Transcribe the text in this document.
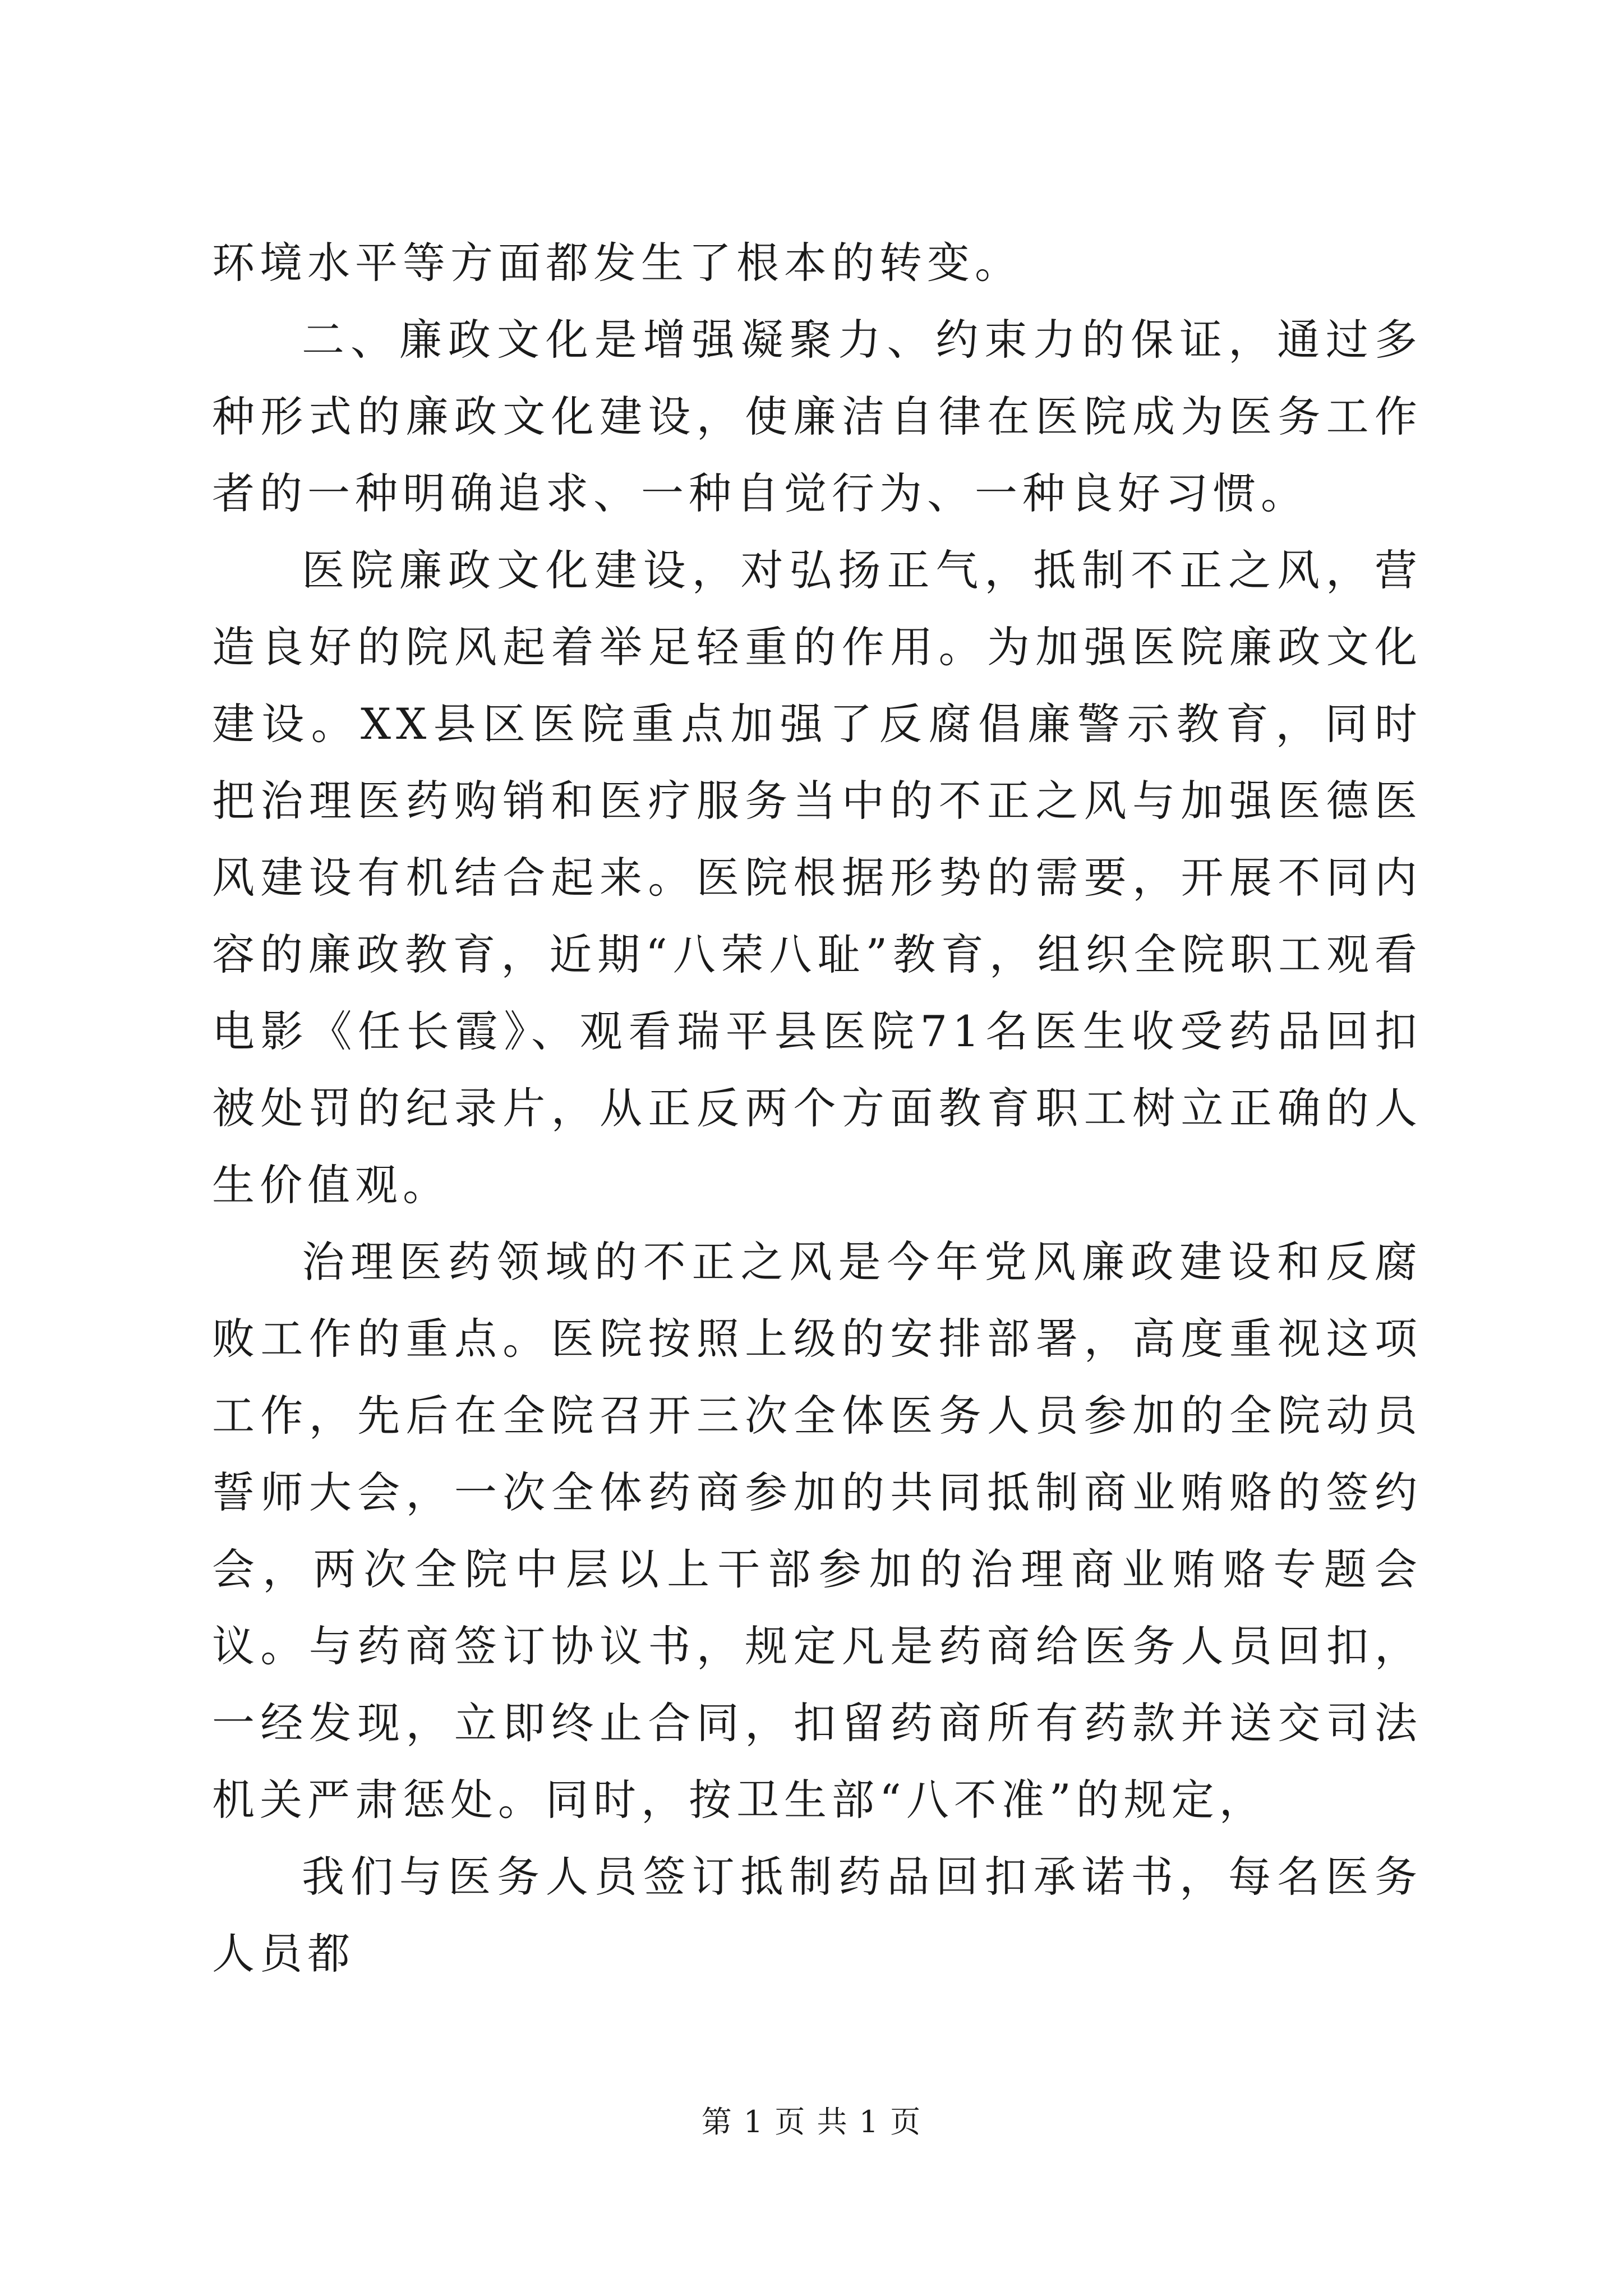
环境水平等方面都发生了根本的转变。

二、廉政文化是增强凝聚力、约束力的保证，通过多种形式的廉政文化建设，使廉洁自律在医院成为医务工作者的一种明确追求、一种自觉行为、一种良好习惯。

医院廉政文化建设，对弘扬正气，抵制不正之风，营造良好的院风起着举足轻重的作用。为加强医院廉政文化建设。XX县区医院重点加强了反腐倡廉警示教育，同时把治理医药购销和医疗服务当中的不正之风与加强医德医风建设有机结合起来。医院根据形势的需要，开展不同内容的廉政教育，近期“八荣八耻”教育，组织全院职工观看电影《任长霞》、观看瑞平县医院71名医生收受药品回扣被处罚的纪录片，从正反两个方面教育职工树立正确的人生价值观。

治理医药领域的不正之风是今年党风廉政建设和反腐败工作的重点。医院按照上级的安排部署，高度重视这项工作，先后在全院召开三次全体医务人员参加的全院动员誓师大会，一次全体药商参加的共同抵制商业贿赂的签约会，两次全院中层以上干部参加的治理商业贿赂专题会议。与药商签订协议书，规定凡是药商给医务人员回扣，一经发现，立即终止合同，扣留药商所有药款并送交司法机关严肃惩处。同时，按卫生部“八不准”的规定，

我们与医务人员签订抵制药品回扣承诺书，每名医务人员都

第 1 页 共 1 页
